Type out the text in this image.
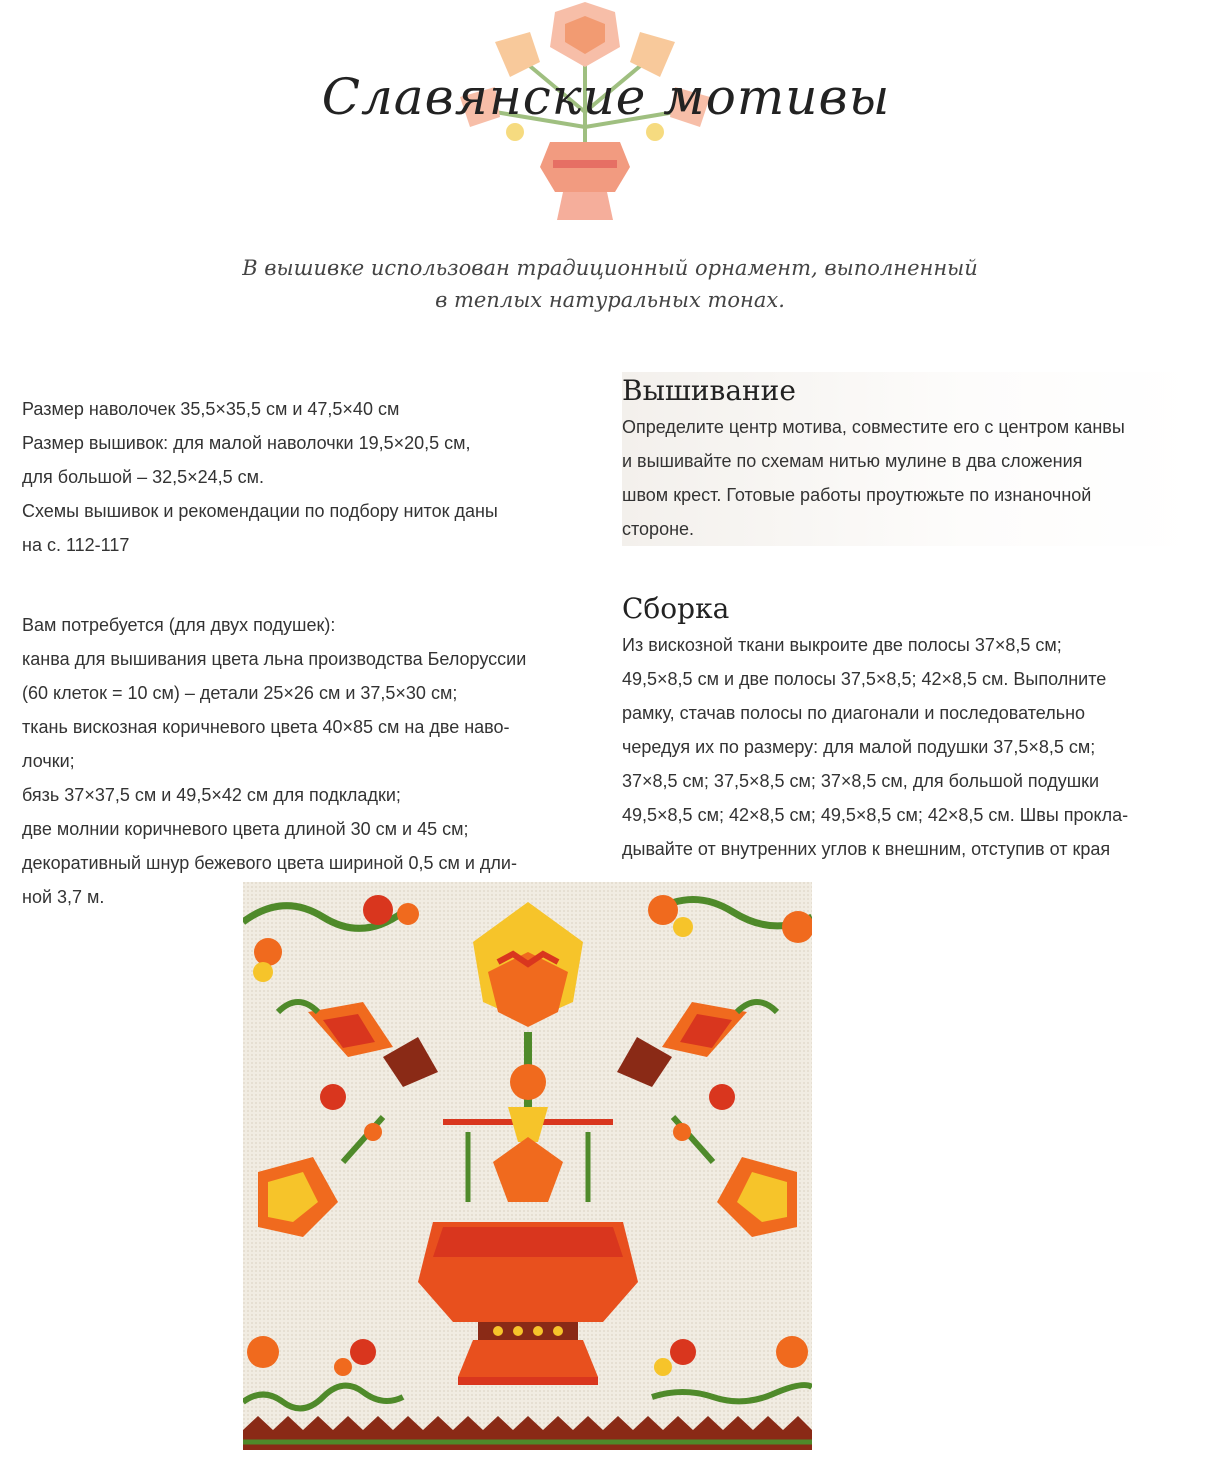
Славянские мотивы
В вышивке использован традиционный орнамент, выполненный
в теплых натуральных тонах.
Размер наволочек 35,5×35,5 см и 47,5×40 см
Размер вышивок: для малой наволочки 19,5×20,5 см,
для большой – 32,5×24,5 см.
Схемы вышивок и рекомендации по подбору ниток даны
на с. 112-117
Вам потребуется (для двух подушек):
канва для вышивания цвета льна производства Белоруссии
(60 клеток = 10 см) – детали 25×26 см и 37,5×30 см;
ткань вискозная коричневого цвета 40×85 см на две наво-
лочки;
бязь 37×37,5 см и 49,5×42 см для подкладки;
две молнии коричневого цвета длиной 30 см и 45 см;
декоративный шнур бежевого цвета шириной 0,5 см и дли-
ной 3,7 м.
Вышивание
Определите центр мотива, совместите его с центром канвы
и вышивайте по схемам нитью мулине в два сложения
швом крест. Готовые работы проутюжьте по изнаночной
стороне.
Сборка
Из вискозной ткани выкроите две полосы 37×8,5 см;
49,5×8,5 см и две полосы 37,5×8,5; 42×8,5 см. Выполните
рамку, стачав полосы по диагонали и последовательно
чередуя их по размеру: для малой подушки 37,5×8,5 см;
37×8,5 см; 37,5×8,5 см; 37×8,5 см, для большой подушки
49,5×8,5 см; 42×8,5 см; 49,5×8,5 см; 42×8,5 см. Швы прокла-
дывайте от внутренних углов к внешним, отступив от края
